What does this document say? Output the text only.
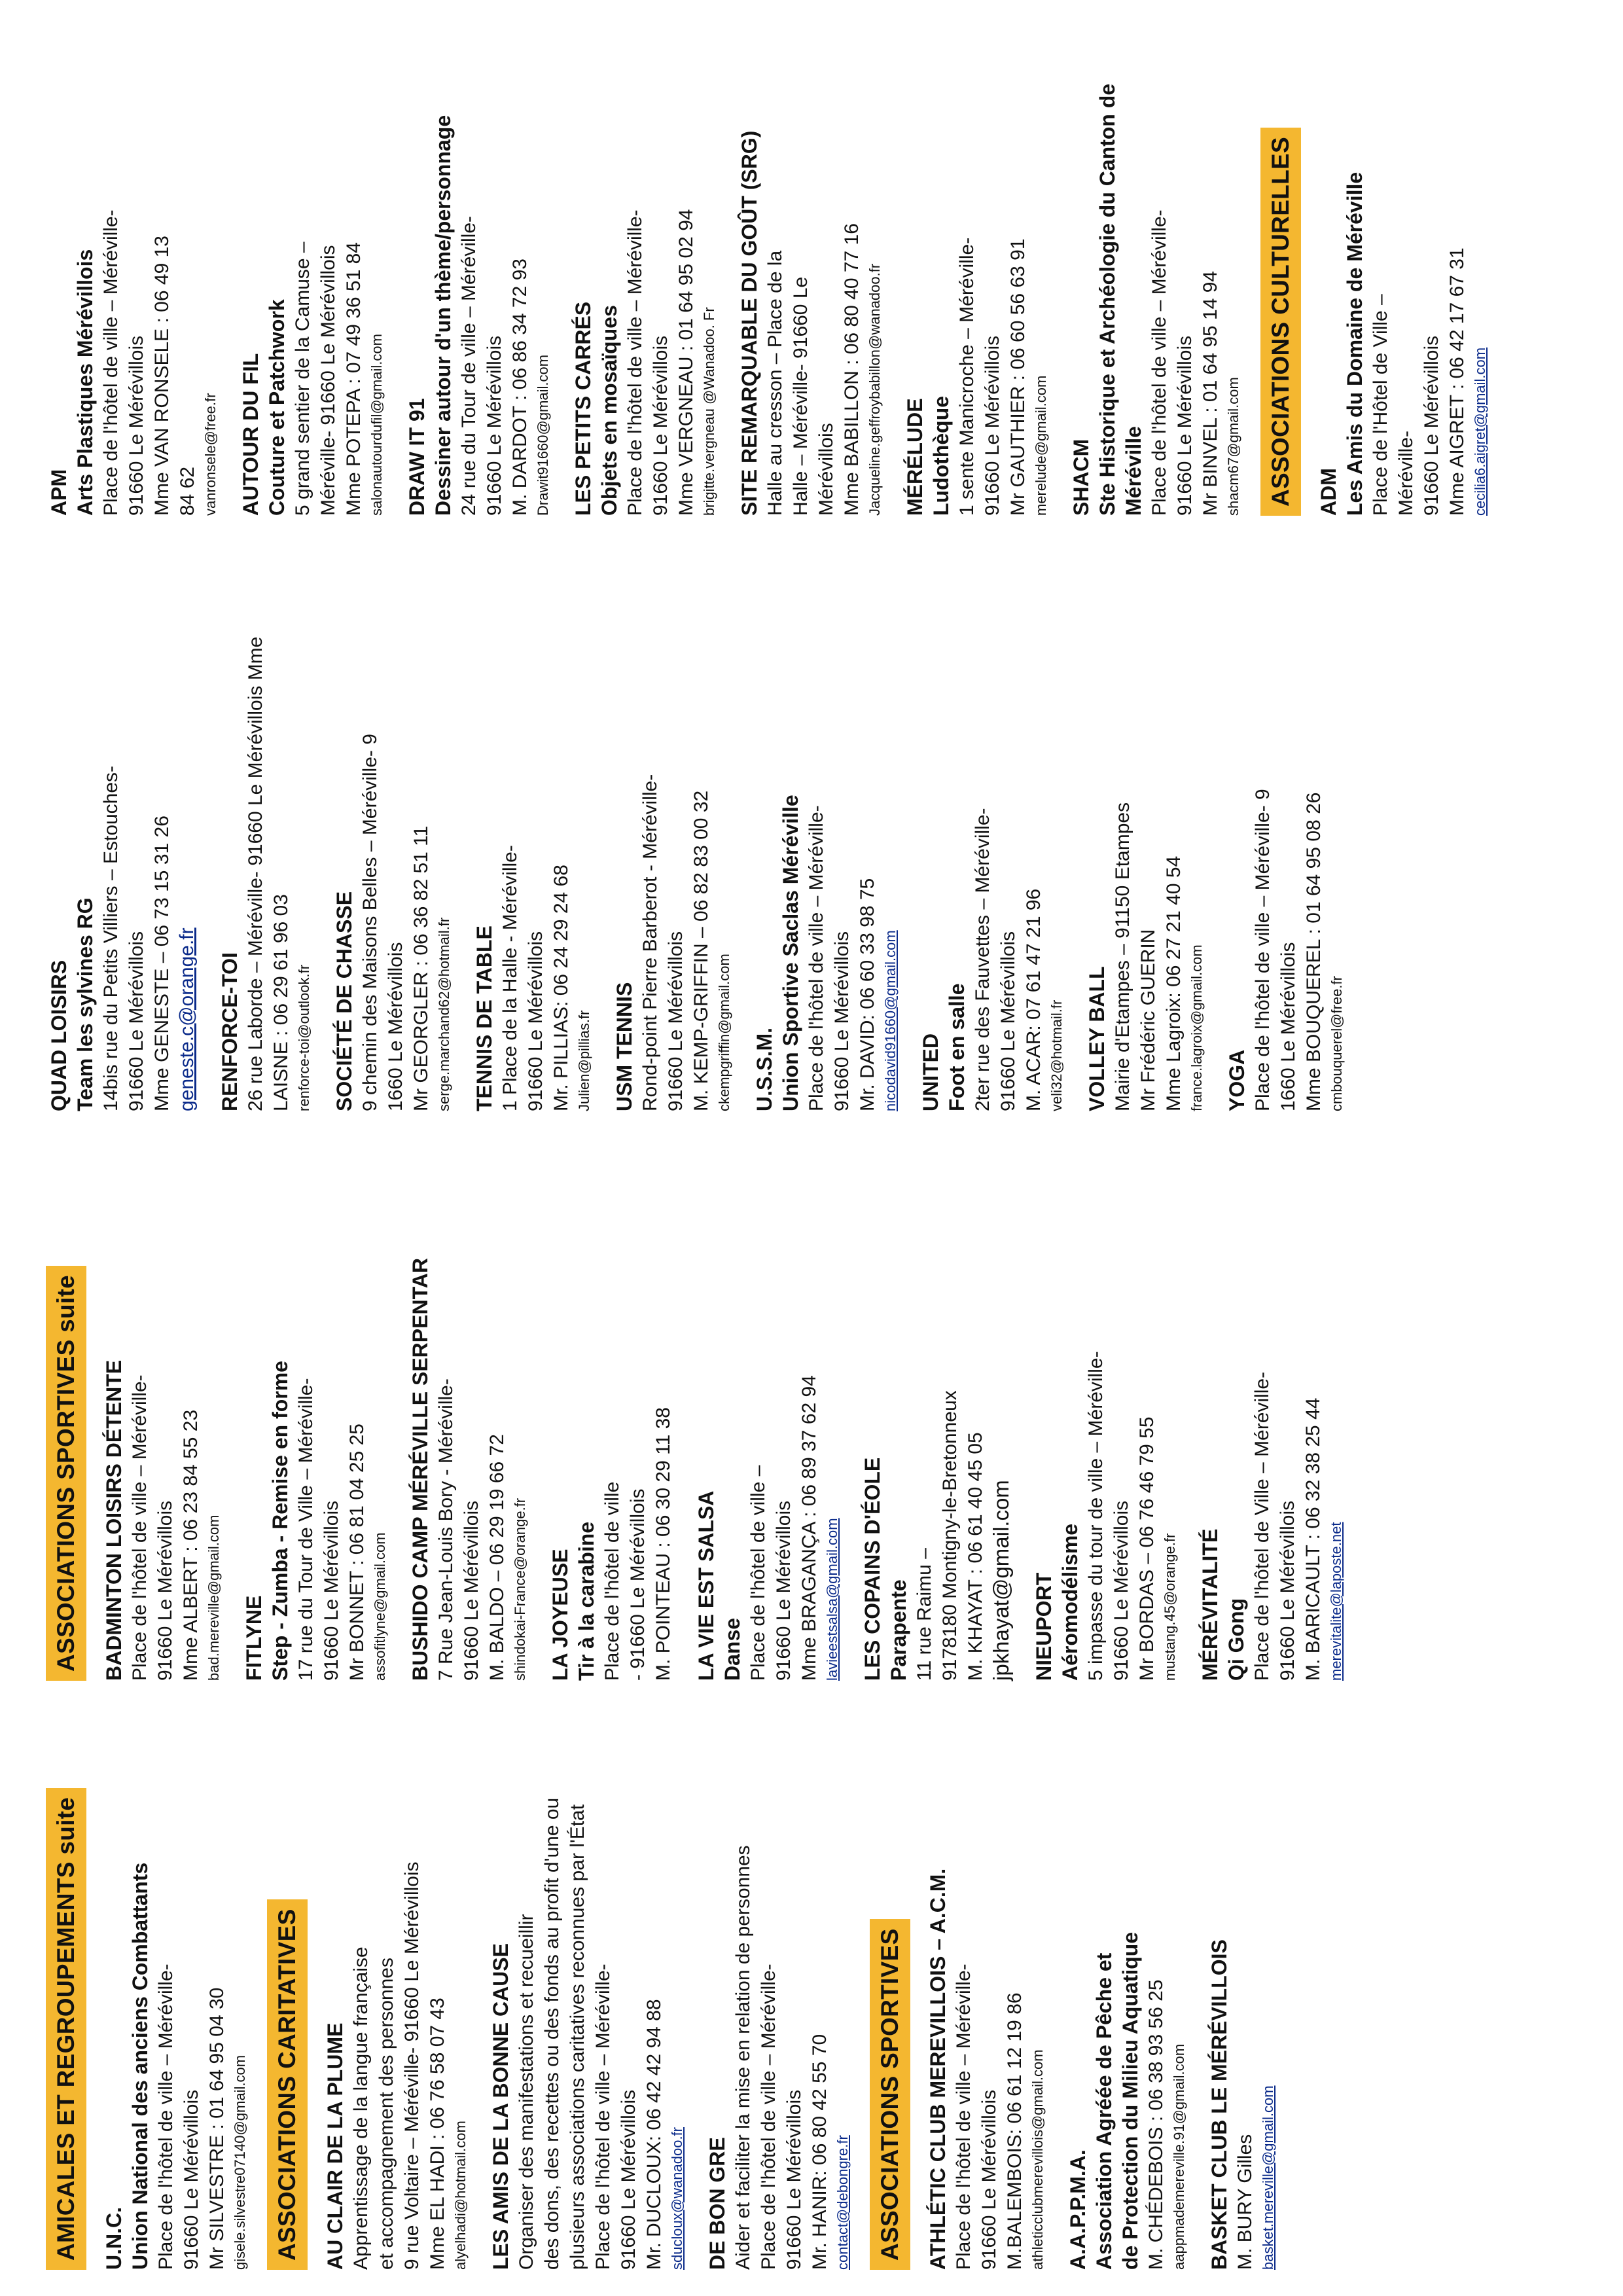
AMICALES ET REGROUPEMENTS suite U.N.C. Union National des anciens Combattants Place de l'hôtel de ville – Méréville- 91660 Le Mérévillois Mr SILVESTRE : 01 64 95 04 30 gisele.silvestre07140@gmail.com ASSOCIATIONS CARITATIVES AU CLAIR DE LA PLUME Apprentissage de la langue française et accompagnement des personnes 9 rue Voltaire – Méréville- 91660 Le Mérévillois Mme EL HADI : 06 76 58 07 43 alyelhadi@hotmail.com LES AMIS DE LA BONNE CAUSE Organiser des manifestations et recueillir des dons, des recettes ou des fonds au profit d'une ou plusieurs associations caritatives reconnues par l'État Place de l'hôtel de ville – Méréville- 91660 Le Mérévillois Mr. DUCLOUX: 06 42 42 94 88 sducloux@wanadoo.fr DE BON GRE Aider et faciliter la mise en relation de personnes Place de l'hôtel de ville – Méréville- 91660 Le Mérévillois Mr. HANIR: 06 80 42 55 70 contact@debongre.fr ASSOCIATIONS SPORTIVES ATHLÉTIC CLUB MEREVILLOIS – A.C.M. Place de l'hôtel de ville – Méréville- 91660 Le Mérévillois M.BALEMBOIS: 06 61 12 19 86 athleticclubmerevillois@gmail.com A.A.P.P.M.A. Association Agréée de Pêche et de Protection du Milieu Aquatique M. CHÉDEBOIS : 06 38 93 56 25 aappmademereville.91@gmail.com BASKET CLUB LE MÉRÉVILLOIS M. BURY Gilles basket.mereville@gmail.com
ASSOCIATIONS SPORTIVES suite BADMINTON LOISIRS DÉTENTE Place de l'hôtel de ville – Méréville- 91660 Le Mérévillois Mme ALBERT : 06 23 84 55 23 bad.mereville@gmail.com FITLYNE Step - Zumba - Remise en forme 17 rue du Tour de Ville – Méréville- 91660 Le Mérévillois Mr BONNET : 06 81 04 25 25 assofitlyne@gmail.com BUSHIDO CAMP MÉRÉVILLE SERPENTAR 7 Rue Jean-Louis Bory - Méréville- 91660 Le Mérévillois M. BALDO – 06 29 19 66 72 shindokai-France@orange.fr LA JOYEUSE Tir à la carabine Place de l'hôtel de ville - 91660 Le Mérévillois M. POINTEAU : 06 30 29 11 38 LA VIE EST SALSA Danse Place de l'hôtel de ville – 91660 Le Mérévillois Mme BRAGANÇA : 06 89 37 62 94 lavieestsalsa@gmail.com LES COPAINS D'ÉOLE Parapente 11 rue Raimu – 9178180 Montigny-le-Bretonneux M. KHAYAT : 06 61 40 45 05 jpkhayat@gmail.com NIEUPORT Aéromodélisme 5 impasse du tour de ville – Méréville- 91660 Le Mérévillois Mr BORDAS – 06 76 46 79 55 mustang.45@orange.fr MÉRÉVITALITÉ Qi Gong Place de l'hôtel de Ville – Méréville- 91660 Le Mérévillois M. BARICAULT : 06 32 38 25 44 merevitalite@laposte.net
QUAD LOISIRS Team les sylvines RG 14bis rue du Petits Villiers – Estouches- 91660 Le Mérévillois Mme GENESTE – 06 73 15 31 26 geneste.c@orange.fr RENFORCE-TOI 26 rue Laborde – Méréville- 91660 Le Mérévillois Mme LAISNE : 06 29 61 96 03 renforce-toi@outlook.fr SOCIÉTÉ DE CHASSE 9 chemin des Maisons Belles – Méréville- 9 1660 Le Mérévillois Mr GEORGLER : 06 36 82 51 11 serge.marchand62@hotmail.fr TENNIS DE TABLE 1 Place de la Halle - Méréville- 91660 Le Mérévillois Mr. PILLIAS: 06 24 29 24 68 Julien@pillias.fr USM TENNIS Rond-point Pierre Barberot - Méréville- 91660 Le Mérévillois M. KEMP-GRIFFIN – 06 82 83 00 32 ckempgriffin@gmail.com U.S.S.M. Union Sportive Saclas Méréville Place de l'hôtel de ville – Méréville- 91660 Le Mérévillois Mr. DAVID: 06 60 33 98 75 nicodavid91660@gmail.com UNITED Foot en salle 2ter rue des Fauvettes – Méréville- 91660 Le Mérévillois M. ACAR: 07 61 47 21 96 veli32@hotmail.fr VOLLEY BALL Mairie d'Etampes – 91150 Etampes Mr Frédéric GUERIN Mme Lagroix: 06 27 21 40 54 france.lagroix@gmail.com YOGA Place de l'hôtel de ville – Méréville- 9 1660 Le Mérévillois Mme BOUQUEREL : 01 64 95 08 26 cmbouquerel@free.fr
APM Arts Plastiques Mérévillois Place de l'hôtel de ville – Méréville- 91660 Le Mérévillois Mme VAN RONSELE : 06 49 13 84 62 vanronsele@free.fr AUTOUR DU FIL Couture et Patchwork 5 grand sentier de la Camuse – Méréville- 91660 Le Mérévillois Mme POTEPA : 07 49 36 51 84 salonautourdufil@gmail.com DRAW IT 91 Dessiner autour d'un thème/personnage 24 rue du Tour de ville – Méréville- 91660 Le Mérévillois M. DARDOT : 06 86 34 72 93 Drawit91660@gmail.com LES PETITS CARRÉS Objets en mosaïques Place de l'hôtel de ville – Méréville- 91660 Le Mérévillois Mme VERGNEAU : 01 64 95 02 94 brigitte.vergneau @Wanadoo. Fr SITE REMARQUABLE DU GOÛT (SRG) Halle au cresson – Place de la Halle – Méréville- 91660 Le Mérévillois Mme BABILLON : 06 80 40 77 16 Jacqueline.geffroybabillon@wanadoo.fr MÉRÉLUDE Ludothèque 1 sente Manicroche – Méréville- 91660 Le Mérévillois Mr GAUTHIER : 06 60 56 63 91 merelude@gmail.com SHACM Ste Historique et Archéologie du Canton de Méréville Place de l'hôtel de ville – Méréville- 91660 Le Mérévillois Mr BINVEL : 01 64 95 14 94 shacm67@gmail.com ASSOCIATIONS CULTURELLES ADM Les Amis du Domaine de Méréville Place de l'Hôtel de Ville – Méréville- 91660 Le Mérévillois Mme AIGRET : 06 42 17 67 31 cecilia6.aigret@gmail.com
